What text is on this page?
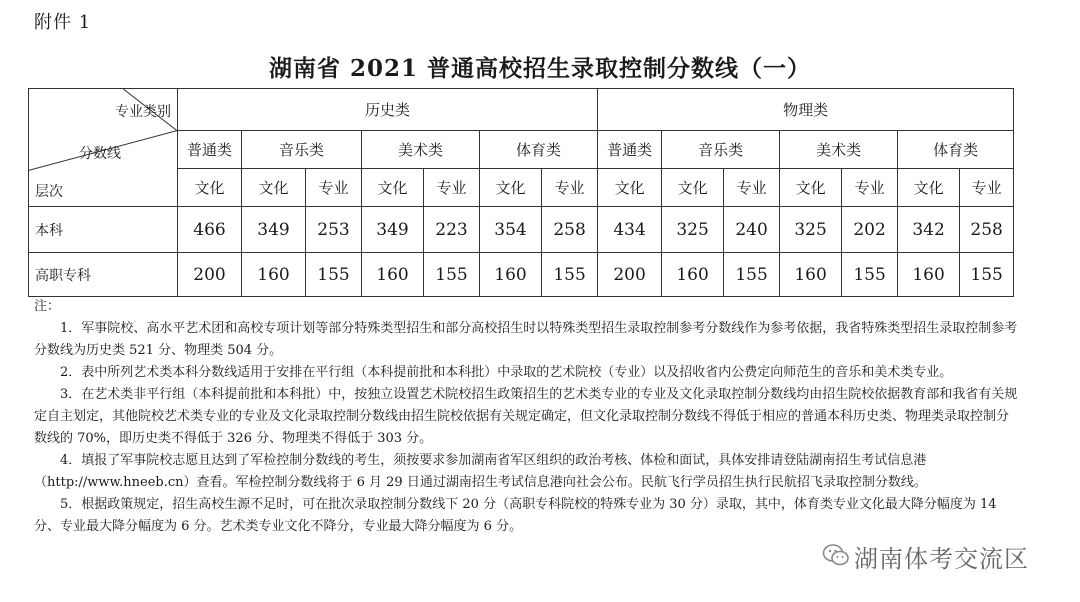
附件 1
湖南省 2021 普通高校招生录取控制分数线（一）
专业类别
分数线
层次	历史类							物理类						
	普通类	音乐类		美术类		体育类		普通类	音乐类		美术类		体育类	
	文化	文化	专业	文化	专业	文化	专业	文化	文化	专业	文化	专业	文化	专业
本科	466	349	253	349	223	354	258	434	325	240	325	202	342	258
高职专科	200	160	155	160	155	160	155	200	160	155	160	155	160	155

注：

1．军事院校、高水平艺术团和高校专项计划等部分特殊类型招生和部分高校招生时以特殊类型招生录取控制参考分数线作为参考依据，我省特殊类型招生录取控制参考分数线为历史类 521 分、物理类 504 分。

2．表中所列艺术类本科分数线适用于安排在平行组（本科提前批和本科批）中录取的艺术院校（专业）以及招收省内公费定向师范生的音乐和美术类专业。

3．在艺术类非平行组（本科提前批和本科批）中，按独立设置艺术院校招生政策招生的艺术类专业的专业及文化录取控制分数线均由招生院校依据教育部和我省有关规定自主划定，其他院校艺术类专业的专业及文化录取控制分数线由招生院校依据有关规定确定，但文化录取控制分数线不得低于相应的普通本科历史类、物理类录取控制分数线的 70%，即历史类不得低于 326 分、物理类不得低于 303 分。

4．填报了军事院校志愿且达到了军检控制分数线的考生，须按要求参加湖南省军区组织的政治考核、体检和面试，具体安排请登陆湖南招生考试信息港（http://www.hneeb.cn）查看。军检控制分数线将于 6 月 29 日通过湖南招生考试信息港向社会公布。民航飞行学员招生执行民航招飞录取控制分数线。

5．根据政策规定，招生高校生源不足时，可在批次录取控制分数线下 20 分（高职专科院校的特殊专业为 30 分）录取，其中，体育类专业文化最大降分幅度为 14 分、专业最大降分幅度为 6 分。艺术类专业文化不降分，专业最大降分幅度为 6 分。

湖南体考交流区
